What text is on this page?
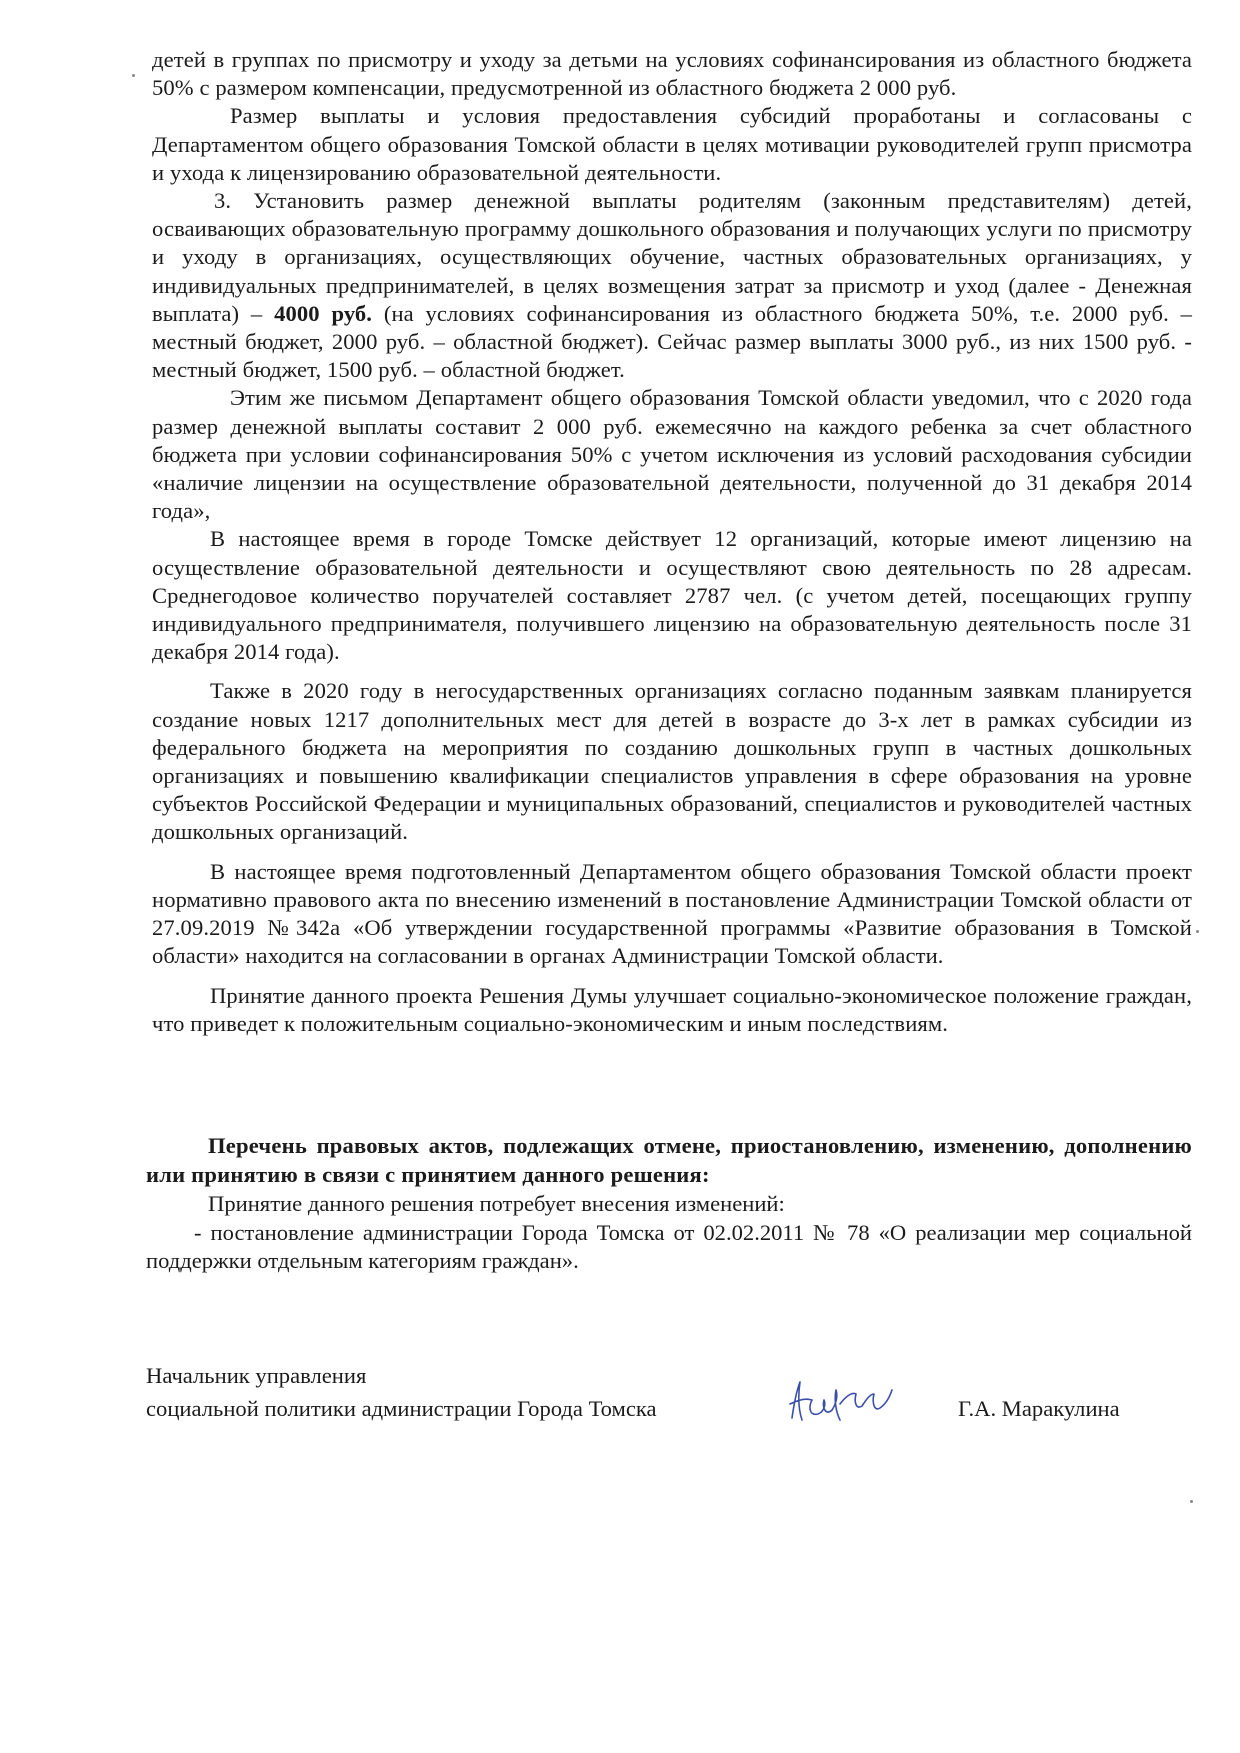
детей в группах по присмотру и уходу за детьми на условиях софинансирования из областного бюджета 50% с размером компенсации, предусмотренной из областного бюджета 2 000 руб.

Размер выплаты и условия предоставления субсидий проработаны и согласованы с Департаментом общего образования Томской области в целях мотивации руководителей групп присмотра и ухода к лицензированию образовательной деятельности.

3. Установить размер денежной выплаты родителям (законным представителям) детей, осваивающих образовательную программу дошкольного образования и получающих услуги по присмотру и уходу в организациях, осуществляющих обучение, частных образовательных организациях, у индивидуальных предпринимателей, в целях возмещения затрат за присмотр и уход (далее - Денежная выплата) – 4000 руб. (на условиях софинансирования из областного бюджета 50%, т.е. 2000 руб. – местный бюджет, 2000 руб. – областной бюджет). Сейчас размер выплаты 3000 руб., из них 1500 руб. - местный бюджет, 1500 руб. – областной бюджет.

Этим же письмом Департамент общего образования Томской области уведомил, что с 2020 года размер денежной выплаты составит 2 000 руб. ежемесячно на каждого ребенка за счет областного бюджета при условии софинансирования 50% с учетом исключения из условий расходования субсидии «наличие лицензии на осуществление образовательной деятельности, полученной до 31 декабря 2014 года»,

В настоящее время в городе Томске действует 12 организаций, которые имеют лицензию на осуществление образовательной деятельности и осуществляют свою деятельность по 28 адресам. Среднегодовое количество поручателей составляет 2787 чел. (с учетом детей, посещающих группу индивидуального предпринимателя, получившего лицензию на образовательную деятельность после 31 декабря 2014 года).

Также в 2020 году в негосударственных организациях согласно поданным заявкам планируется создание новых 1217 дополнительных мест для детей в возрасте до 3-х лет в рамках субсидии из федерального бюджета на мероприятия по созданию дошкольных групп в частных дошкольных организациях и повышению квалификации специалистов управления в сфере образования на уровне субъектов Российской Федерации и муниципальных образований, специалистов и руководителей частных дошкольных организаций.

В настоящее время подготовленный Департаментом общего образования Томской области проект нормативно правового акта по внесению изменений в постановление Администрации Томской области от 27.09.2019 №342а «Об утверждении государственной программы «Развитие образования в Томской области» находится на согласовании в органах Администрации Томской области.

Принятие данного проекта Решения Думы улучшает социально-экономическое положение граждан, что приведет к положительным социально-экономическим и иным последствиям.

Перечень правовых актов, подлежащих отмене, приостановлению, изменению, дополнению или принятию в связи с принятием данного решения:

Принятие данного решения потребует внесения изменений:

- постановление администрации Города Томска от 02.02.2011 № 78 «О реализации мер социальной поддержки отдельным категориям граждан».

Начальник управления
социальной политики администрации Города Томска	Г.А. Маракулина
